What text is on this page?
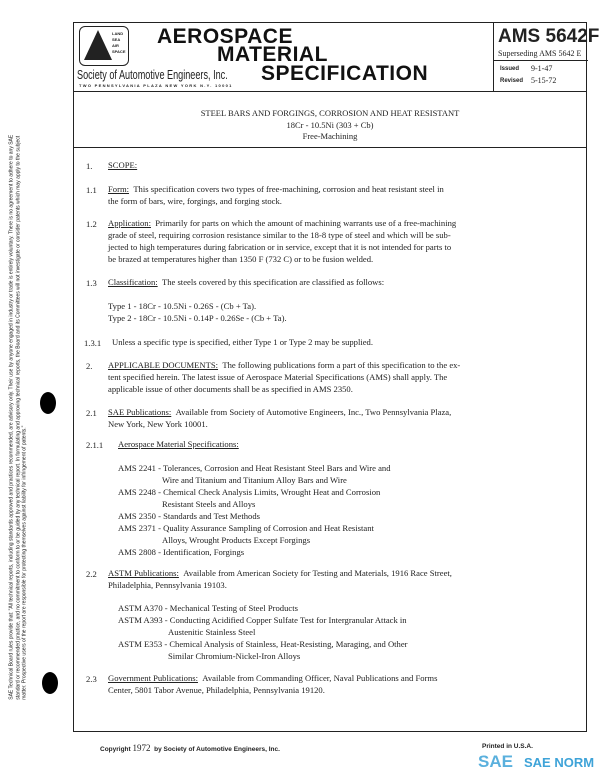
LAND SEA AIR SPACE
AEROSPACE
MATERIAL
SPECIFICATION
Society of Automotive Engineers, Inc.
TWO PENNSYLVANIA PLAZA NEW YORK N.Y. 10001
AMS 5642F
Superseding AMS 5642 E
Issued 9-1-47
Revised 5-15-72
STEEL BARS AND FORGINGS, CORROSION AND HEAT RESISTANT
18Cr - 10.5Ni (303 + Cb)
Free-Machining
SAE Technical Board rules provide that: "All technical reports, including standards approved and practices recommended, are advisory only. Their use by anyone engaged in industry or trade is entirely voluntary. There is no agreement to adhere to any SAE standard or recommended practice, and no commitment to conform to or be guided by any technical report. In formulating and approving technical reports, the Board and its Committees will not investigate or consider patents which may apply to the subject matter. Prospective users of the report are responsible for protecting themselves against liability for infringement of patents."
1. SCOPE:
1.1 Form: This specification covers two types of free-machining, corrosion and heat resistant steel in
the form of bars, wire, forgings, and forging stock.
1.2 Application: Primarily for parts on which the amount of machining warrants use of a free-machining
grade of steel, requiring corrosion resistance similar to the 18-8 type of steel and which will be sub-
jected to high temperatures during fabrication or in service, except that it is not intended for parts to
be brazed at temperatures higher than 1350 F (732 C) or to be fusion welded.
1.3 Classification: The steels covered by this specification are classified as follows:
Type 1 - 18Cr - 10.5Ni - 0.26S - (Cb + Ta).
Type 2 - 18Cr - 10.5Ni - 0.14P - 0.26Se - (Cb + Ta).
1.3.1 Unless a specific type is specified, either Type 1 or Type 2 may be supplied.
2. APPLICABLE DOCUMENTS: The following publications form a part of this specification to the ex-
tent specified herein. The latest issue of Aerospace Material Specifications (AMS) shall apply. The
applicable issue of other documents shall be as specified in AMS 2350.
2.1 SAE Publications: Available from Society of Automotive Engineers, Inc., Two Pennsylvania Plaza,
New York, New York 10001.
2.1.1 Aerospace Material Specifications:
AMS 2241 - Tolerances, Corrosion and Heat Resistant Steel Bars and Wire and
Wire and Titanium and Titanium Alloy Bars and Wire
AMS 2248 - Chemical Check Analysis Limits, Wrought Heat and Corrosion
Resistant Steels and Alloys
AMS 2350 - Standards and Test Methods
AMS 2371 - Quality Assurance Sampling of Corrosion and Heat Resistant
Alloys, Wrought Products Except Forgings
AMS 2808 - Identification, Forgings
2.2 ASTM Publications: Available from American Society for Testing and Materials, 1916 Race Street,
Philadelphia, Pennsylvania 19103.
ASTM A370 - Mechanical Testing of Steel Products
ASTM A393 - Conducting Acidified Copper Sulfate Test for Intergranular Attack in
Austenitic Stainless Steel
ASTM E353 - Chemical Analysis of Stainless, Heat-Resisting, Maraging, and Other
Similar Chromium-Nickel-Iron Alloys
2.3 Government Publications: Available from Commanding Officer, Naval Publications and Forms
Center, 5801 Tabor Avenue, Philadelphia, Pennsylvania 19120.
Copyright 1972 by Society of Automotive Engineers, Inc.	Printed in U.S.A.
SAE SAE NORM
